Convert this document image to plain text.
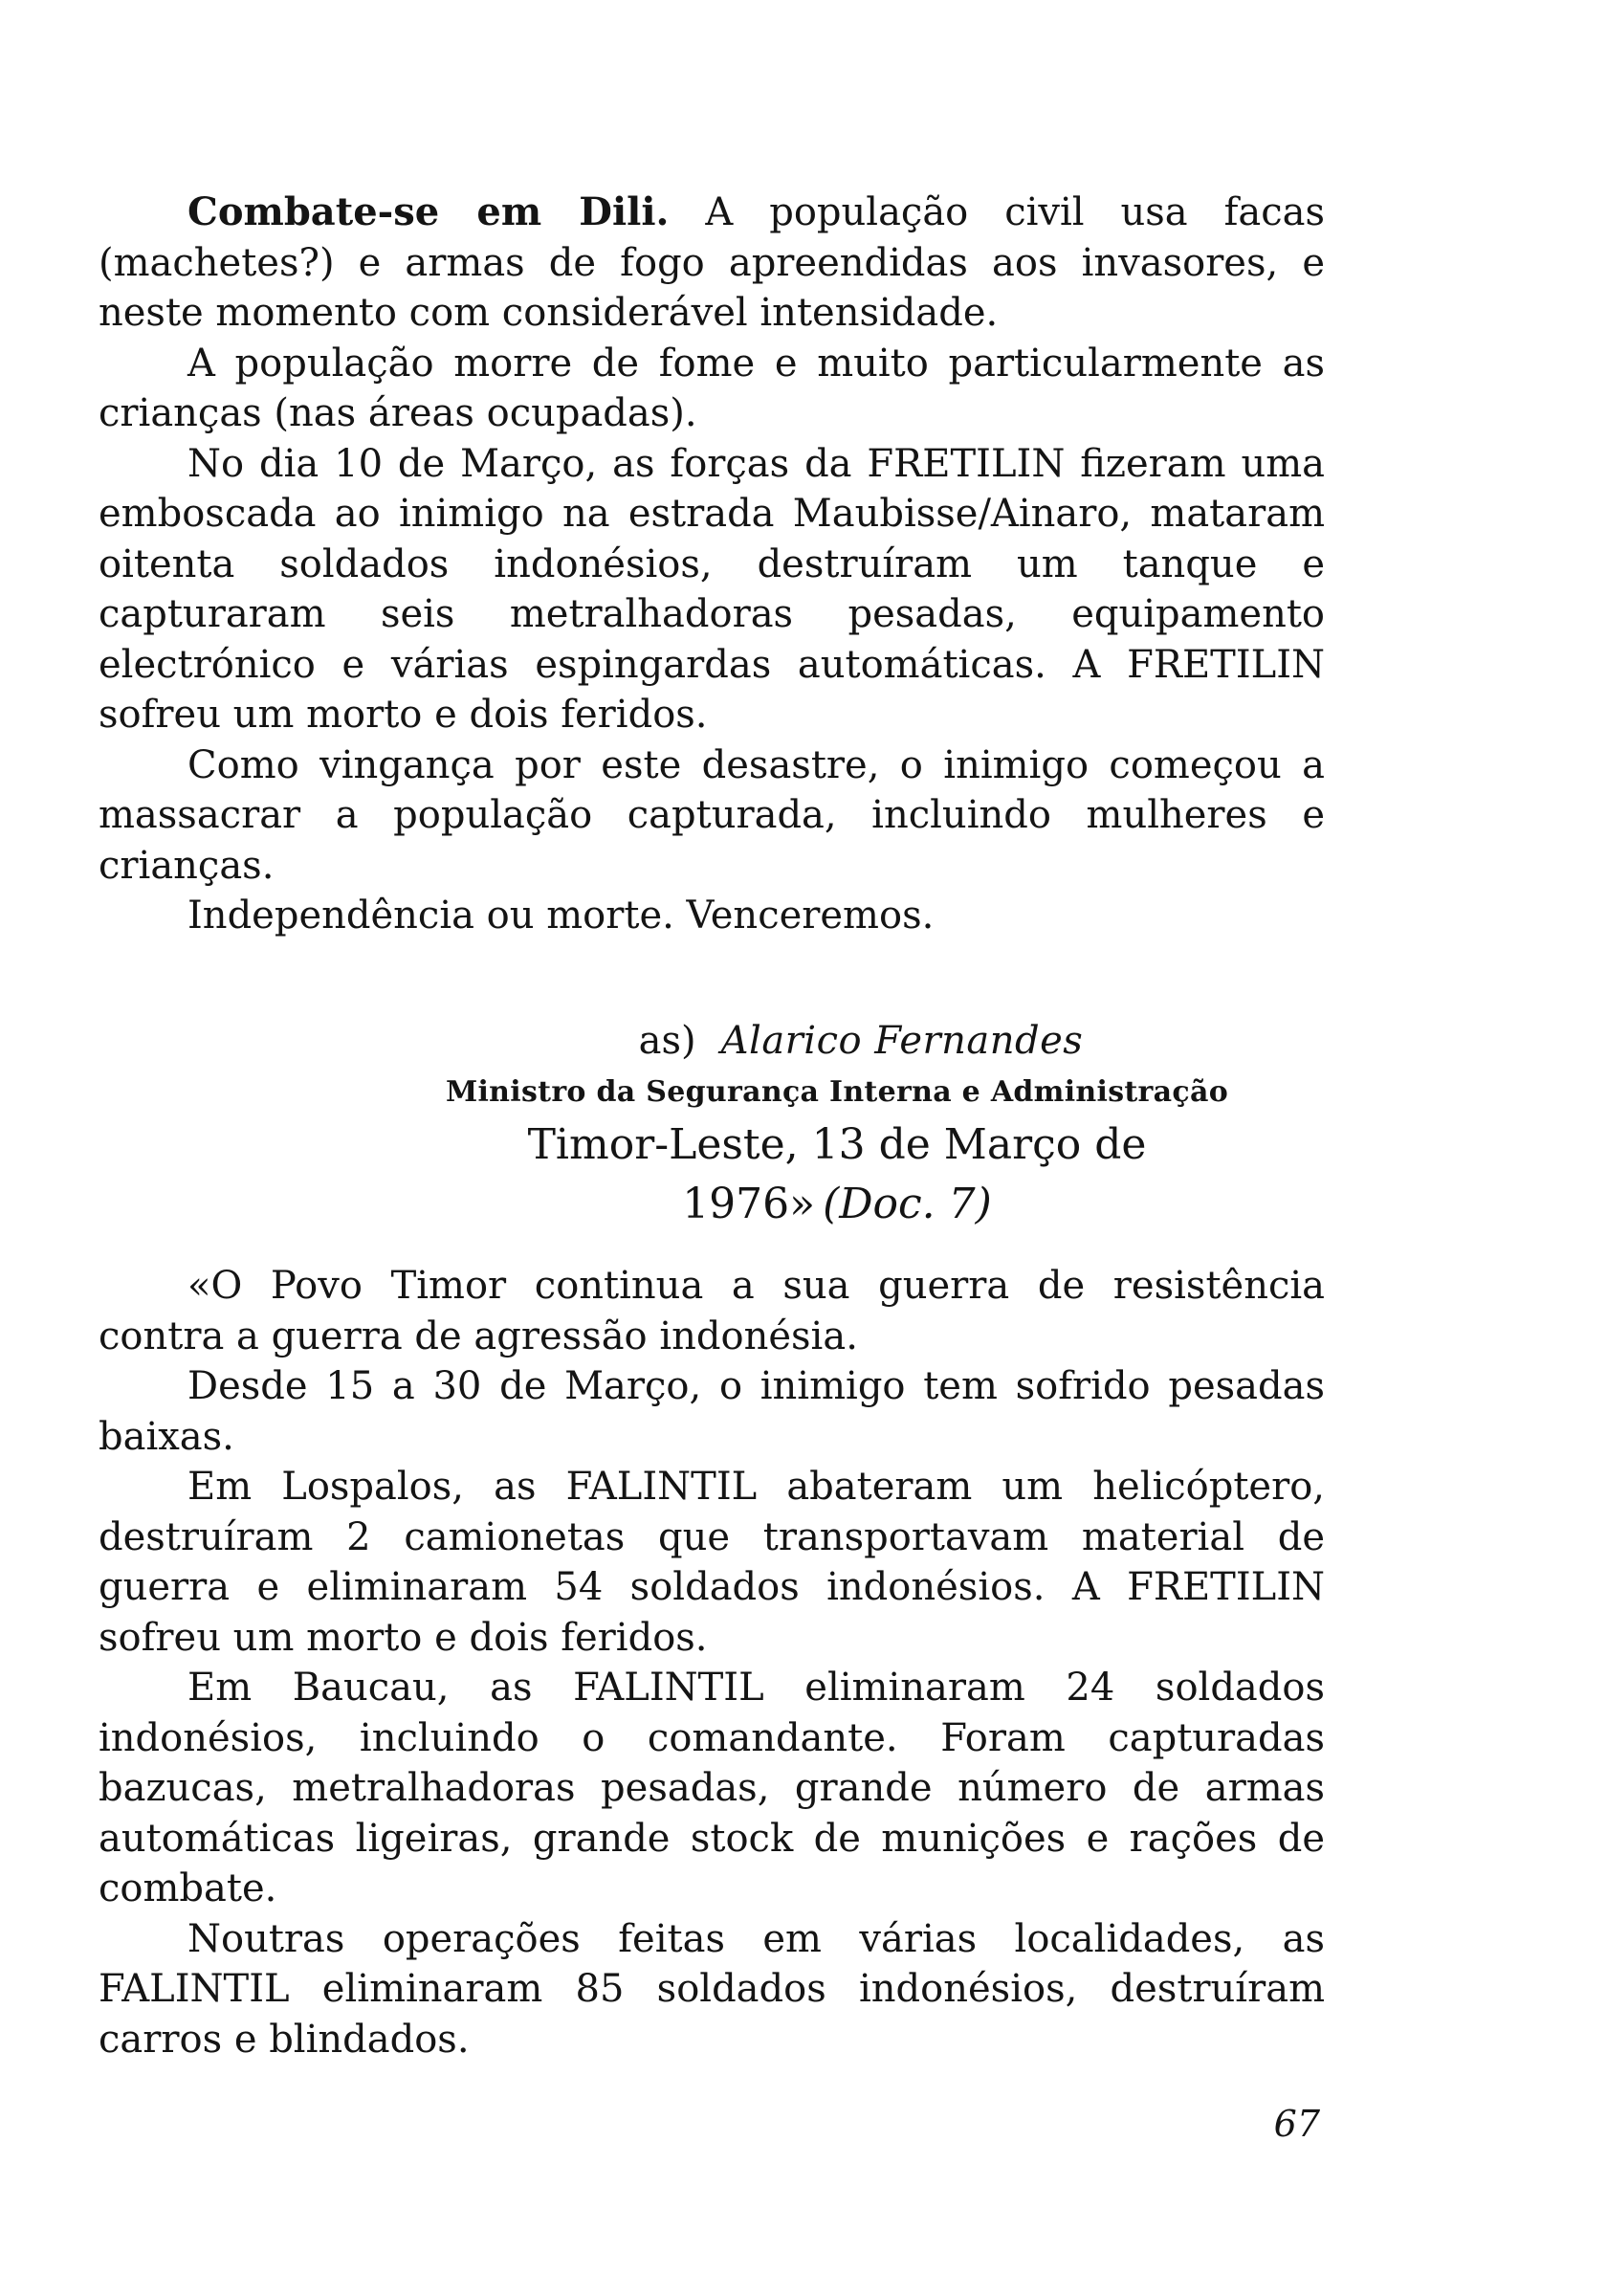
Combate-se em Dili. A população civil usa facas (machetes?) e armas de fogo apreendidas aos invasores, e neste momento com considerável intensidade.

A população morre de fome e muito particularmente as crianças (nas áreas ocupadas).

No dia 10 de Março, as forças da FRETILIN fizeram uma emboscada ao inimigo na estrada Maubisse/Ainaro, mataram oitenta soldados indonésios, destruíram um tanque e capturaram seis metralhadoras pesadas, equipamento electrónico e várias espingardas automáticas. A FRETILIN sofreu um morto e dois feridos.

Como vingança por este desastre, o inimigo começou a massacrar a população capturada, incluindo mulheres e crianças.

Independência ou morte. Venceremos.

as) Alarico Fernandes
Ministro da Segurança Interna e Administração
Timor-Leste, 13 de Março de 1976» (Doc. 7)

«O Povo Timor continua a sua guerra de resistência contra a guerra de agressão indonésia.

Desde 15 a 30 de Março, o inimigo tem sofrido pesadas baixas.

Em Lospalos, as FALINTIL abateram um helicóptero, destruíram 2 camionetas que transportavam material de guerra e eliminaram 54 soldados indonésios. A FRETILIN sofreu um morto e dois feridos.

Em Baucau, as FALINTIL eliminaram 24 soldados indonésios, incluindo o comandante. Foram capturadas bazucas, metralhadoras pesadas, grande número de armas automáticas ligeiras, grande stock de munições e rações de combate.

Noutras operações feitas em várias localidades, as FALINTIL eliminaram 85 soldados indonésios, destruíram carros e blindados.

67
